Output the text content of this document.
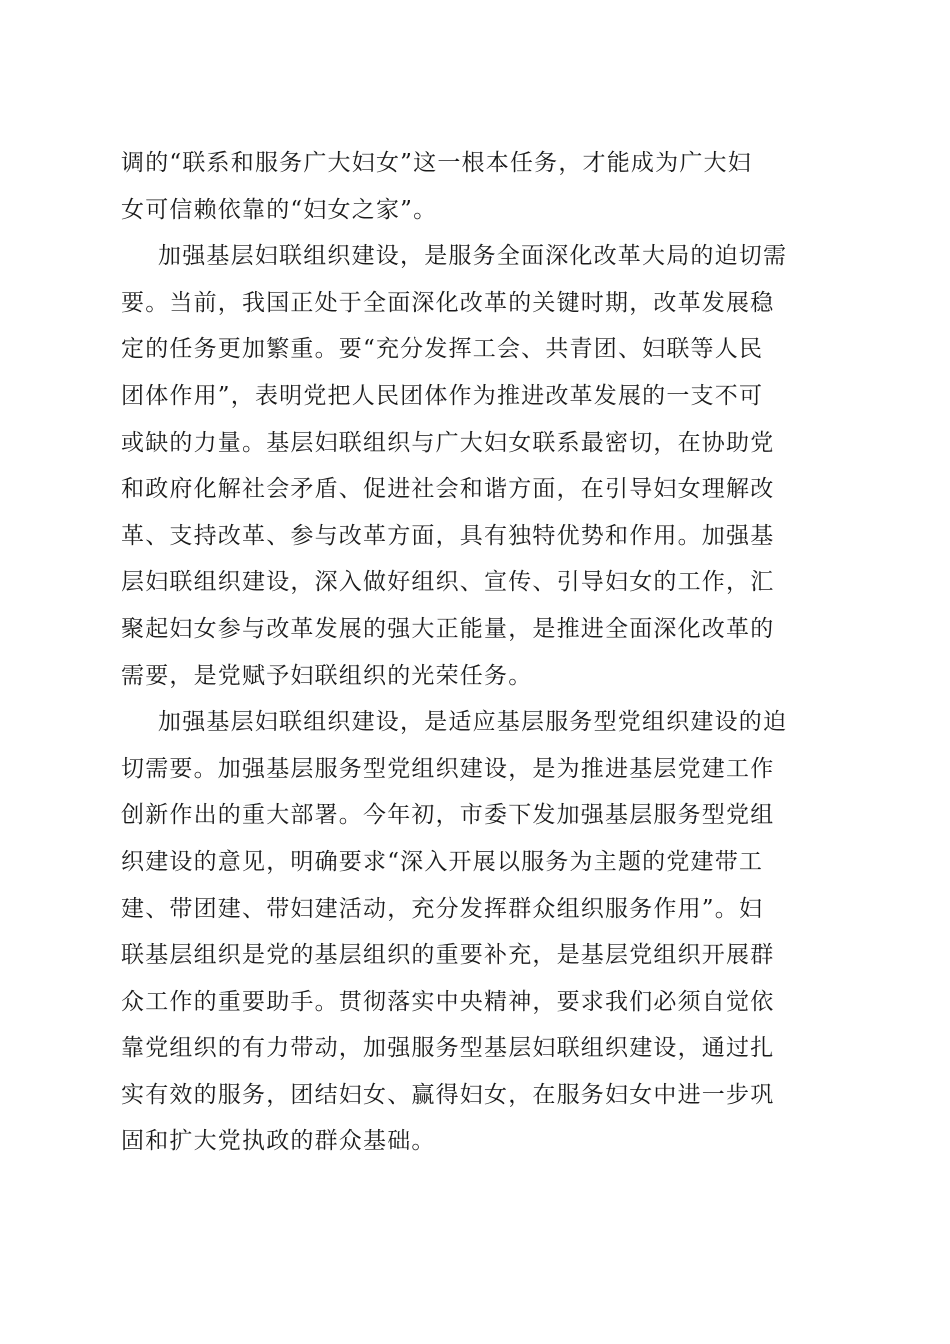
调的“联系和服务广大妇女”这一根本任务，才能成为广大妇
女可信赖依靠的“妇女之家”。
加强基层妇联组织建设，是服务全面深化改革大局的迫切需
要。当前，我国正处于全面深化改革的关键时期，改革发展稳
定的任务更加繁重。要“充分发挥工会、共青团、妇联等人民
团体作用”，表明党把人民团体作为推进改革发展的一支不可
或缺的力量。基层妇联组织与广大妇女联系最密切，在协助党
和政府化解社会矛盾、促进社会和谐方面，在引导妇女理解改
革、支持改革、参与改革方面，具有独特优势和作用。加强基
层妇联组织建设，深入做好组织、宣传、引导妇女的工作，汇
聚起妇女参与改革发展的强大正能量，是推进全面深化改革的
需要，是党赋予妇联组织的光荣任务。
加强基层妇联组织建设，是适应基层服务型党组织建设的迫
切需要。加强基层服务型党组织建设，是为推进基层党建工作
创新作出的重大部署。今年初，市委下发加强基层服务型党组
织建设的意见，明确要求“深入开展以服务为主题的党建带工
建、带团建、带妇建活动，充分发挥群众组织服务作用”。妇
联基层组织是党的基层组织的重要补充，是基层党组织开展群
众工作的重要助手。贯彻落实中央精神，要求我们必须自觉依
靠党组织的有力带动，加强服务型基层妇联组织建设，通过扎
实有效的服务，团结妇女、赢得妇女，在服务妇女中进一步巩
固和扩大党执政的群众基础。
